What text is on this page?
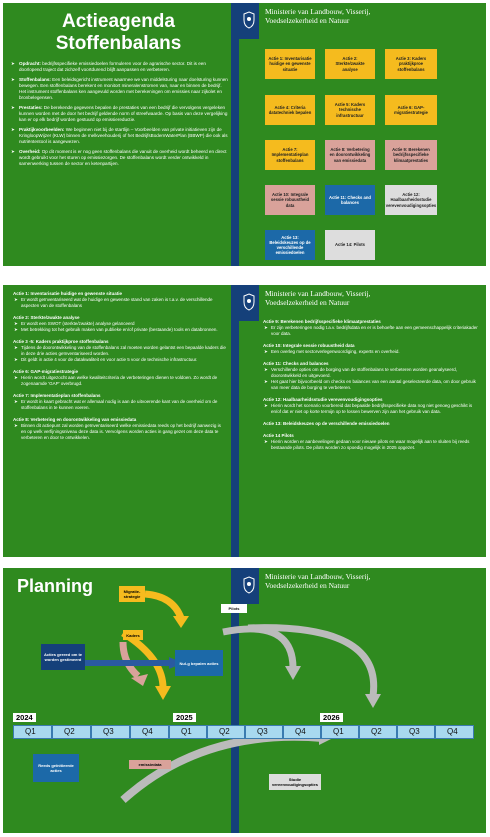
Actieagenda
Stoffenbalans
➤ Opdracht: bedrijfsspecifieke emissiedoelen formuleren voor de agrarische sector. Dit is een doorlopend traject dat zichzelf voortdurend blijft aanpassen en verbeteren.
➤ Stoffenbalans: Een beleidsgericht instrument waarmee we van middelsturing naar doelsturing kunnen bewegen. Een stoffenbalans berekent en monitort mineralenstromen van, naar en binnen de bedrijf. Het instrument stoffenbalans ken aangevuld worden met berekeningen om emissies naar zijkolet en bronbelegensen.
➤ Prestaties: De berekende gegevens bepalen de prestaties van een bedrijf die vervolgens vergeleken kunnen worden met de door het bedrijf geldende norm of streefwaarde. Op basis van deze vergelijking kan er op elk bedrijf worden gestuurd op emissiereductie.
➤ Praktijkvoorbeelden: We beginnen niet bij de startlijn – Voorbeelden van private initiatieven zijn de KringloopWijzer (KLW) binnen de melkveehouderij of het BedrijfsBodemWaterPlan (BBWP) die ook als nutriëntentool is aangewezen.
➤ Overheid: Op dit moment is er nog geen stoffenbalans die vanuit de overheid wordt beheerd en direct wordt gebruikt voor het sturen op emissiezorgen. De stoffenbalans wordt verder ontwikkeld in samenwerking tussen de sector en ketenpartijen.
Ministerie van Landbouw, Visserij,
Voedselzekerheid en Natuur
Actie 1: Inventarisatie huidige en gewenste situatie
Actie 2: Sterkte/zwakte analyse
Actie 3: Kaders praktijkproe stoffenbalans
Actie 4: Criteria datatechniek bepalen
Actie 5: Kaders technische infrastructuur
Actie 6: GAP-migratiestrategie
Actie 7: Implementatieplan stoffenbalans
Actie 8: Verbetering en doorontwikkeling van emissiedata
Actie 9: Berekenen bedrijfsspecifieke klimaatprestaties
Actie 10: Integrale sessie robuustheid data
Actie 11: Checks and balances
Actie 12: Haalbaarheidsstudie verevenvoudigingsopties
Actie 13: Beleidskeuzes op de verschillende emissiedoelen
Actie 14: Pilots
Ministerie van Landbouw, Visserij,
Voedselzekerheid en Natuur
Actie 1: Inventarisatie huidige en gewenste situatie
➤ Er wordt geïnventariseerd wat de huidige en gewenste stand van zaken is t.a.v. de verschillende aspecten van de stoffenbalans
Actie 2: Sterkte/zwakte analyse
➤ Er wordt een SWOT (sterkte/zwakte) analyse gelanceerd
➤ Met betrekking tot het gebruik maken van publieke en/of private (bestaande) tools en databronnen.
Actie 3 -5: Kaders praktijkproe stoffenbalans
➤ Tijdens de doorontwikkeling van de stoffenbalans zal moeten worden gelantst een bepaalde kaders die in deze drie acties geïnventariseerd worden.
➤ Dit geldt in actie 4 voor de datakwaliteit en voor actie 5 voor de technische infrastructuur.
Actie 6: GAP-migratiestrategie
➤ Hierin wordt uitgezocht aan welke kwaliteitcriteria de verbeteringen dienen te voldoen. Zo wordt de zogenaamde 'GAP' overbrugd.
Actie 7: Implementatieplan stoffenbalans
➤ Er wordt in kaart gebracht wat er allemaal nodig is aan de uitvoerende kant van de overheid om de stoffenbalans in te kunnen voeren.
Actie 8: Verbetering en doorontwikkeling van emissiedata
➤ Binnen dit actiepunt zal worden geïnventariseerd welke emissiedata reeds op het bedrijf aanwezig is en op welk verfijningsniveau deze data is. Vervolgens worden acties in gang gezet om deze data te verbeteren en door te ontwikkelen.
Actie 9: Berekenen bedrijfsspecifieke klimaatprestaties
➤ Er zijn verbeteringen nodig t.a.v. bedrijfsdata en er is behoefte aan een gemeenschappelijk criteriakader voor data.
Actie 10: Integrale sessie robuustheid data
➤ Een overleg met sectorverlegenwoordiging, experts en overheid.
Actie 11: Checks and balances
➤ Verschillende opties om de borging van de stoffenbalans te verbeteren worden geanalyseerd, doorontwikkeld en uitgevoerd.
➤ Het gaat hier bijvoorbeeld om checks en balances van een aantal geselecteerde data, om door gebruik van meer data de borging te verbeteren.
Actie 12: Haalbaarheidsstudie verevenvoudigingsopties
➤ Hierin wordt het scenario voorbereid dat bepaalde bedrijfsspecifieke data nog niet genoeg geschikt is en/of dat er niet op korte termijn op te lossen bewerven zijn aan het gebruik van data.
Actie 13: Beleidskeuzes op de verschillende emissiedoelen
Actie 14 Pilots
➤ Hierin worden er aanbevelingen gedaan voor nieuwe pilots en waar mogelijk aan te sluiten bij reeds bestaande pilots. De pilots worden zo spoedig mogelijk in 2025 opgezet.
Planning	Ministerie van Landbouw, Visserij,
Voedselzekerheid en Natuur
Migratie-strategie
Kaders
Acties gereed om te worden gestimeerd
Nul-g bepalen acties
Pilots
2024	2025	2026
Q1	Q2	Q3	Q4	Q1	Q2	Q3	Q4	Q1	Q2	Q3	Q4
Reeds geïnitieerde acties
emissiedata
Studie vereenvoudigingsopties
